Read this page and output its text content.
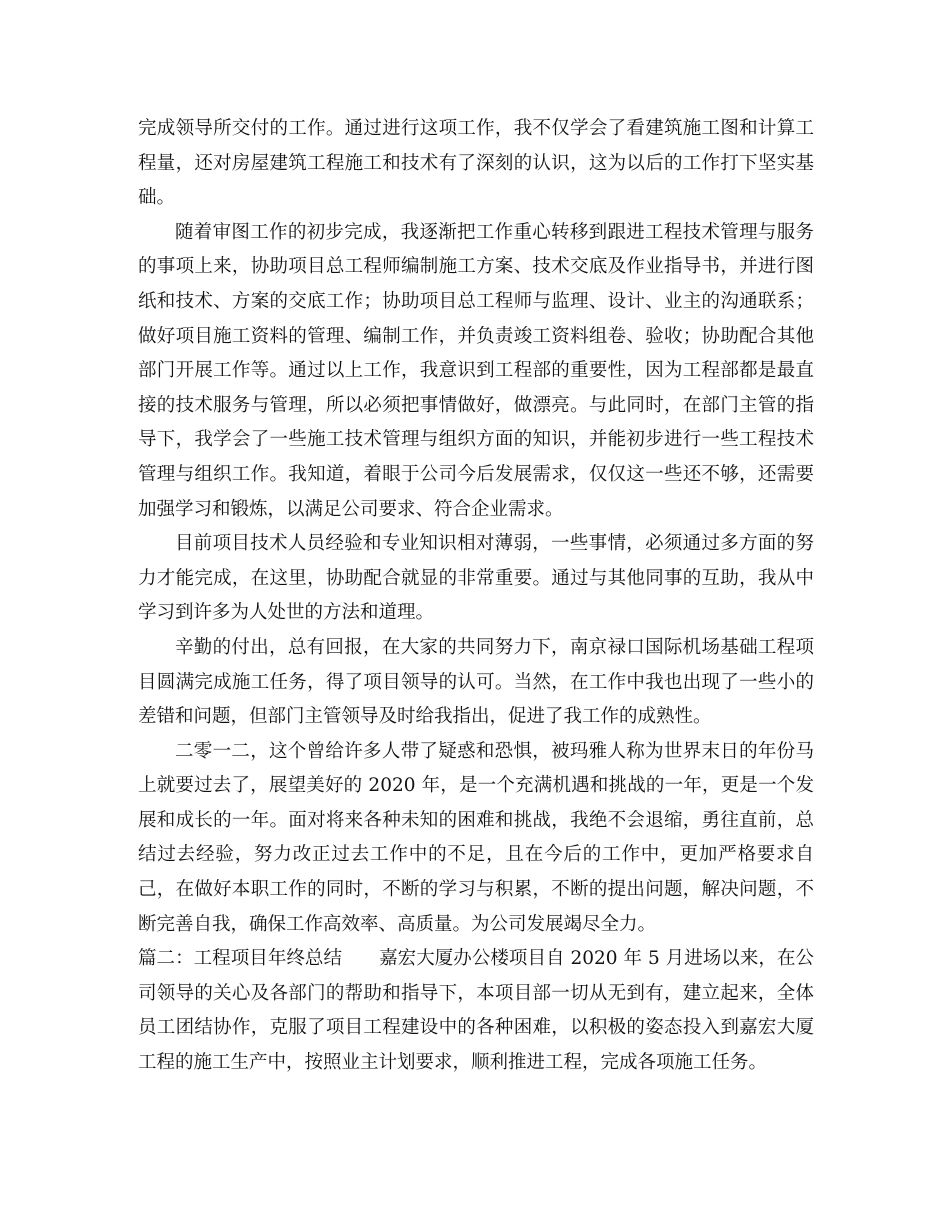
完成领导所交付的工作。通过进行这项工作，我不仅学会了看建筑施工图和计算工程量，还对房屋建筑工程施工和技术有了深刻的认识，这为以后的工作打下坚实基础。

随着审图工作的初步完成，我逐渐把工作重心转移到跟进工程技术管理与服务的事项上来，协助项目总工程师编制施工方案、技术交底及作业指导书，并进行图纸和技术、方案的交底工作；协助项目总工程师与监理、设计、业主的沟通联系；做好项目施工资料的管理、编制工作，并负责竣工资料组卷、验收；协助配合其他部门开展工作等。通过以上工作，我意识到工程部的重要性，因为工程部都是最直接的技术服务与管理，所以必须把事情做好，做漂亮。与此同时，在部门主管的指导下，我学会了一些施工技术管理与组织方面的知识，并能初步进行一些工程技术管理与组织工作。我知道，着眼于公司今后发展需求，仅仅这一些还不够，还需要加强学习和锻炼，以满足公司要求、符合企业需求。

目前项目技术人员经验和专业知识相对薄弱，一些事情，必须通过多方面的努力才能完成，在这里，协助配合就显的非常重要。通过与其他同事的互助，我从中学习到许多为人处世的方法和道理。

辛勤的付出，总有回报，在大家的共同努力下，南京禄口国际机场基础工程项目圆满完成施工任务，得了项目领导的认可。当然，在工作中我也出现了一些小的差错和问题，但部门主管领导及时给我指出，促进了我工作的成熟性。

二零一二，这个曾给许多人带了疑惑和恐惧，被玛雅人称为世界末日的年份马上就要过去了，展望美好的 2020 年，是一个充满机遇和挑战的一年，更是一个发展和成长的一年。面对将来各种未知的困难和挑战，我绝不会退缩，勇往直前，总结过去经验，努力改正过去工作中的不足，且在今后的工作中，更加严格要求自己，在做好本职工作的同时，不断的学习与积累，不断的提出问题，解决问题，不断完善自我，确保工作高效率、高质量。为公司发展竭尽全力。

篇二：工程项目年终总结　　嘉宏大厦办公楼项目自 2020 年 5 月进场以来，在公司领导的关心及各部门的帮助和指导下，本项目部一切从无到有，建立起来，全体员工团结协作，克服了项目工程建设中的各种困难，以积极的姿态投入到嘉宏大厦工程的施工生产中，按照业主计划要求，顺利推进工程，完成各项施工任务。
